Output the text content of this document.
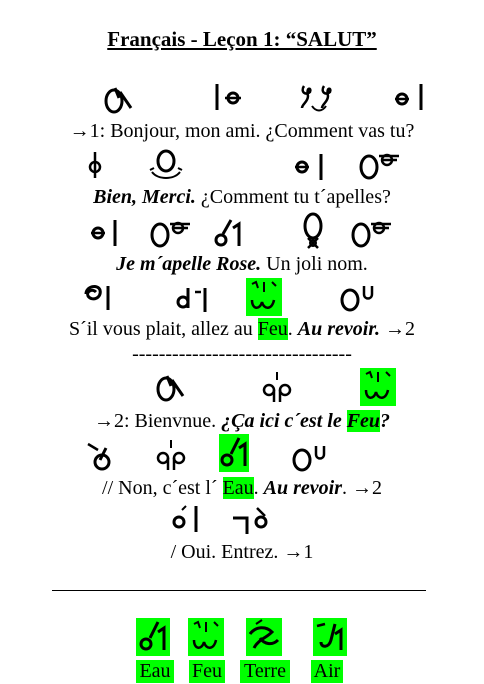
Français - Leçon 1: “SALUT”
→1: Bonjour, mon ami. ¿Comment vas tu?
Bien, Merci. ¿Comment tu t´apelles?
Je m´apelle Rose. Un joli nom.
S´il vous plait, allez au Feu. Au revoir. →2
---------------------------------
→2: Bienvnue. ¿Ça ici c´est le Feu?
// Non, c´est l´ Eau. Au revoir. →2
/ Oui. Entrez. →1
Eau Feu Terre Air
